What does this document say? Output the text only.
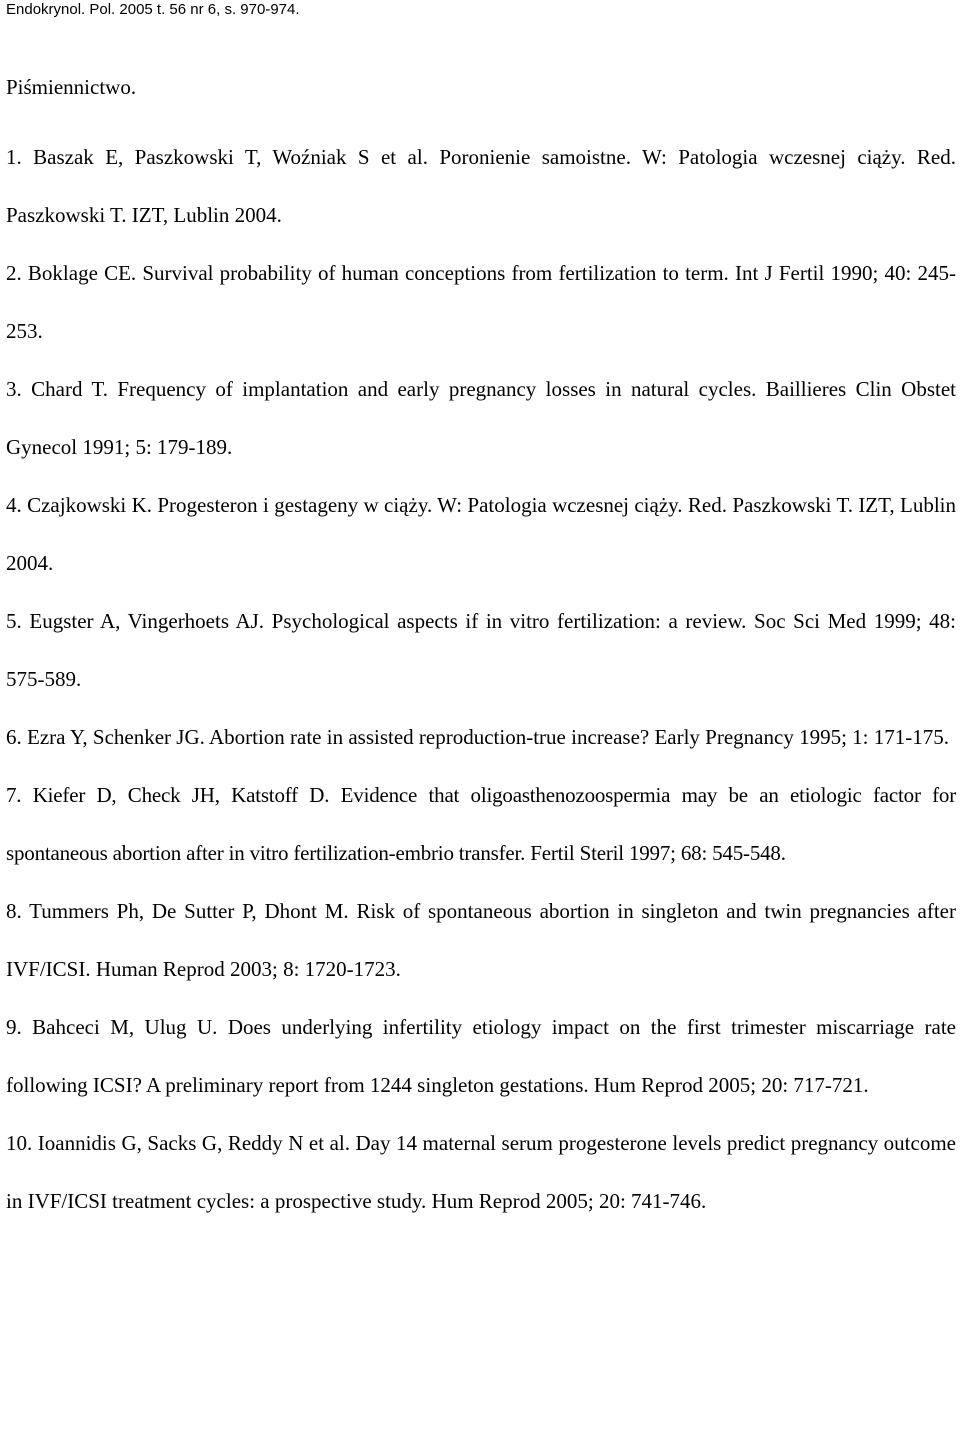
Endokrynol. Pol. 2005 t. 56 nr 6, s. 970-974.
Piśmiennictwo.
1. Baszak E, Paszkowski T, Woźniak S et al. Poronienie samoistne. W: Patologia wczesnej ciąży. Red. Paszkowski T. IZT, Lublin 2004.
2. Boklage CE. Survival probability of human conceptions from fertilization to term. Int J Fertil 1990; 40: 245-253.
3. Chard T. Frequency of implantation and early pregnancy losses in natural cycles. Baillieres Clin Obstet Gynecol 1991; 5: 179-189.
4. Czajkowski K. Progesteron i gestageny w ciąży. W: Patologia wczesnej ciąży. Red. Paszkowski T. IZT, Lublin 2004.
5. Eugster A, Vingerhoets AJ. Psychological aspects if in vitro fertilization: a review. Soc Sci Med 1999; 48: 575-589.
6. Ezra Y, Schenker JG. Abortion rate in assisted reproduction-true increase? Early Pregnancy 1995; 1: 171-175.
7. Kiefer D, Check JH, Katstoff D. Evidence that oligoasthenozoospermia may be an etiologic factor for spontaneous abortion after in vitro fertilization-embrio transfer. Fertil Steril 1997; 68: 545-548.
8. Tummers Ph, De Sutter P, Dhont M. Risk of spontaneous abortion in singleton and twin pregnancies after IVF/ICSI. Human Reprod 2003; 8: 1720-1723.
9. Bahceci M, Ulug U. Does underlying infertility etiology impact on the first trimester miscarriage rate following ICSI? A preliminary report from 1244 singleton gestations. Hum Reprod 2005; 20: 717-721.
10. Ioannidis G, Sacks G, Reddy N et al. Day 14 maternal serum progesterone levels predict pregnancy outcome in IVF/ICSI treatment cycles: a prospective study. Hum Reprod 2005; 20: 741-746.
